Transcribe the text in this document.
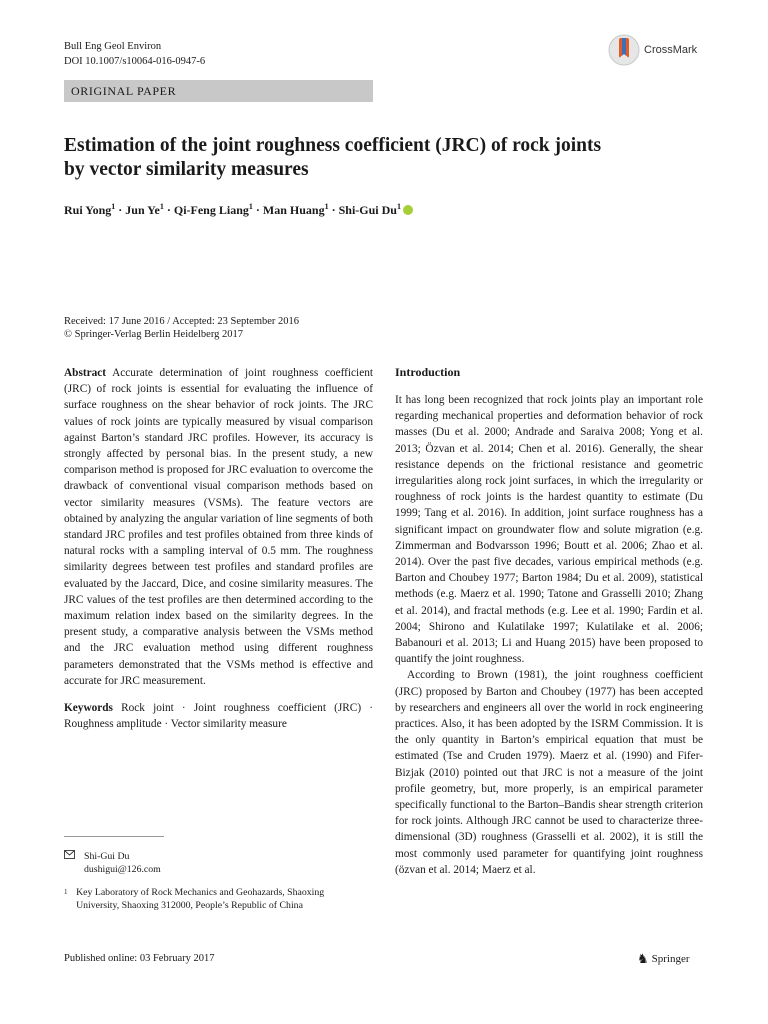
Bull Eng Geol Environ
DOI 10.1007/s10064-016-0947-6
CrossMark
ORIGINAL PAPER
Estimation of the joint roughness coefficient (JRC) of rock joints
by vector similarity measures
Rui Yong$^1$ · Jun $Ye^1$ · Qi-Feng Liang$^1$ · Man Huang$^1$ · Shi-Gui Du$^1$
Received: 17 June 2016 / Accepted: 23 September 2016
© Springer-Verlag Berlin Heidelberg 2017

Abstract Accurate determination of joint roughness coefficient (JRC) of rock joints is essential for evaluating the influence of surface roughness on the shear behavior of rock joints. The JRC values of rock joints are typically measured by visual comparison against Barton’s standard JRC profiles. However, its accuracy is strongly affected by personal bias. In the present study, a new comparison method is proposed for JRC evaluation to overcome the drawback of conventional visual comparison methods based on vector similarity measures (VSMs). The feature vectors are obtained by analyzing the angular variation of line segments of both standard JRC profiles and test profiles obtained from three kinds of natural rocks with a sampling interval of 0.5 mm. The roughness similarity degrees between test profiles and standard profiles are evaluated by the Jaccard, Dice, and cosine similarity measures. The JRC values of the test profiles are then determined according to the maximum relation index based on the similarity degrees. In the present study, a comparative analysis between the VSMs method and the JRC evaluation method using different roughness parameters demonstrated that the VSMs method is effective and accurate for JRC measurement.

Keywords Rock joint · Joint roughness coefficient (JRC) · Roughness amplitude · Vector similarity measure

Shi-Gui Du
dushigui@126.com
1 Key Laboratory of Rock Mechanics and Geohazards, Shaoxing University, Shaoxing 312000, People’s Republic of China
Introduction

It has long been recognized that rock joints play an important role regarding mechanical properties and deformation behavior of rock masses (Du et al. 2000; Andrade and Saraiva 2008; Yong et al. 2013; Özvan et al. 2014; Chen et al. 2016). Generally, the shear resistance depends on the frictional resistance and geometric irregularities along rock joint surfaces, in which the irregularity or roughness of rock joints is the hardest quantity to estimate (Du 1999; Tang et al. 2016). In addition, joint surface roughness has a significant impact on groundwater flow and solute migration (e.g. Zimmerman and Bodvarsson 1996; Boutt et al. 2006; Zhao et al. 2014). Over the past five decades, various empirical methods (e.g. Barton and Choubey 1977; Barton 1984; Du et al. 2009), statistical methods (e.g. Maerz et al. 1990; Tatone and Grasselli 2010; Zhang et al. 2014), and fractal methods (e.g. Lee et al. 1990; Fardin et al. 2004; Shirono and Kulatilake 1997; Kulatilake et al. 2006; Babanouri et al. 2013; Li and Huang 2015) have been proposed to quantify the joint roughness.

According to Brown (1981), the joint roughness coefficient (JRC) proposed by Barton and Choubey (1977) has been accepted by researchers and engineers all over the world in rock engineering practices. Also, it has been adopted by the ISRM Commission. It is the only quantity in Barton’s empirical equation that must be estimated (Tse and Cruden 1979). Maerz et al. (1990) and Fifer-Bizjak (2010) pointed out that JRC is not a measure of the joint profile geometry, but, more properly, is an empirical parameter specifically functional to the Barton–Bandis shear strength criterion for rock joints. Although JRC cannot be used to characterize three-dimensional (3D) roughness (Grasselli et al. 2002), it is still the most commonly used parameter for quantifying joint roughness (özvan et al. 2014; Maerz et al.

Published online: 03 February 2017	♞ Springer
